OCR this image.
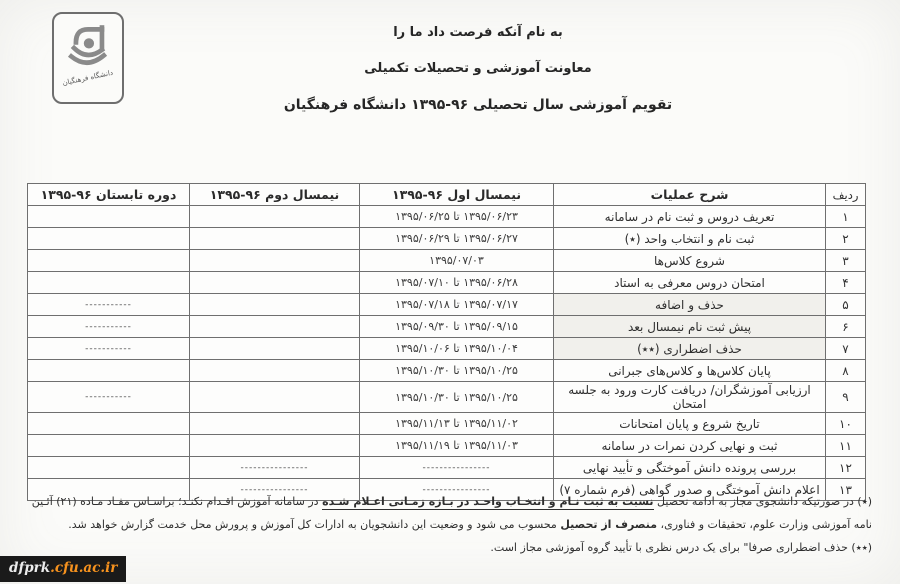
دانشگاه فرهنگیان
به نام آنکه فرصت داد ما را
معاونت آموزشی و تحصیلات تکمیلی
تقویم آموزشی سال تحصیلی ۹۶-۱۳۹۵ دانشگاه فرهنگیان
ردیف	شرح عملیات	نیمسال اول ۹۶-۱۳۹۵	نیمسال دوم ۹۶-۱۳۹۵	دوره تابستان ۹۶-۱۳۹۵
۱	تعریف دروس و ثبت نام در سامانه	۱۳۹۵/۰۶/۲۳ تا ۱۳۹۵/۰۶/۲۵		
۲	ثبت نام و انتخاب واحد (٭)	۱۳۹۵/۰۶/۲۷ تا ۱۳۹۵/۰۶/۲۹		
۳	شروع کلاس‌ها	۱۳۹۵/۰۷/۰۳		
۴	امتحان دروس معرفی به استاد	۱۳۹۵/۰۶/۲۸ تا ۱۳۹۵/۰۷/۱۰		
۵	حذف و اضافه	۱۳۹۵/۰۷/۱۷ تا ۱۳۹۵/۰۷/۱۸		-----------
۶	پیش ثبت نام نیمسال بعد	۱۳۹۵/۰۹/۱۵ تا ۱۳۹۵/۰۹/۳۰		-----------
۷	حذف اضطراری (٭٭)	۱۳۹۵/۱۰/۰۴ تا ۱۳۹۵/۱۰/۰۶		-----------
۸	پایان کلاس‌ها و کلاس‌های جبرانی	۱۳۹۵/۱۰/۲۵ تا ۱۳۹۵/۱۰/۳۰		
۹	ارزیابی آموزشگران/ دریافت کارت ورود به جلسه امتحان	۱۳۹۵/۱۰/۲۵ تا ۱۳۹۵/۱۰/۳۰		-----------
۱۰	تاریخ شروع و پایان امتحانات	۱۳۹۵/۱۱/۰۲ تا ۱۳۹۵/۱۱/۱۳		
۱۱	ثبت و نهایی کردن نمرات در سامانه	۱۳۹۵/۱۱/۰۳ تا ۱۳۹۵/۱۱/۱۹		
۱۲	بررسی پرونده دانش آموختگی و تأیید نهایی	----------------	----------------	
۱۳	اعلام دانش آموختگی و صدور گواهی (فرم شماره ۷)	----------------	----------------	
(٭) در صورتیکه دانشجوی مجاز به ادامه تحصیل نسبت به ثبت نـام و انتخـاب واحـد در بـازه زمـانی اعـلام شـده در سامانه آموزش اقـدام نکنـد؛ براسـاس مفـاد مـاده (۲۱) آئـین
نامه آموزشی وزارت علوم، تحقیقات و فناوری، منصرف از تحصیل محسوب می شود و وضعیت این دانشجویان به ادارات کل آموزش و پرورش محل خدمت گزارش خواهد شد.
(٭٭) حذف اضطراری صرفا" برای یک درس نظری با تأیید گروه آموزشی مجاز است.
dfprk.cfu.ac.ir
